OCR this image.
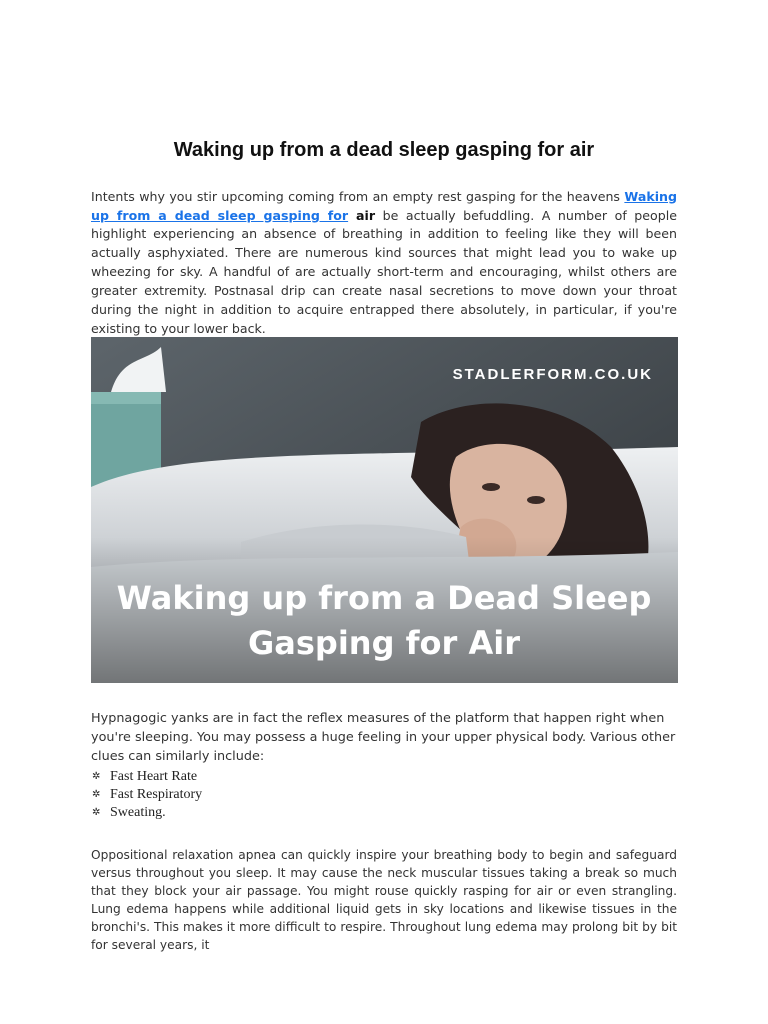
Waking up from a dead sleep gasping for air

Intents why you stir upcoming coming from an empty rest gasping for the heavens Waking up from a dead sleep gasping for air be actually befuddling. A number of people highlight experiencing an absence of breathing in addition to feeling like they will been actually asphyxiated. There are numerous kind sources that might lead you to wake up wheezing for sky. A handful of are actually short-term and encouraging, whilst others are greater extremity. Postnasal drip can create nasal secretions to move down your throat during the night in addition to acquire entrapped there absolutely, in particular, if you're existing to your lower back.

STADLERFORM.CO.UK
Waking up from a Dead Sleep
Gasping for Air

Hypnagogic yanks are in fact the reflex measures of the platform that happen right when you're sleeping. You may possess a huge feeling in your upper physical body. Various other clues can similarly include:

✲ Fast Heart Rate
✲ Fast Respiratory
✲ Sweating.

Oppositional relaxation apnea can quickly inspire your breathing body to begin and safeguard versus throughout you sleep. It may cause the neck muscular tissues taking a break so much that they block your air passage. You might rouse quickly rasping for air or even strangling. Lung edema happens while additional liquid gets in sky locations and likewise tissues in the bronchi's. This makes it more difficult to respire. Throughout lung edema may prolong bit by bit for several years, it
